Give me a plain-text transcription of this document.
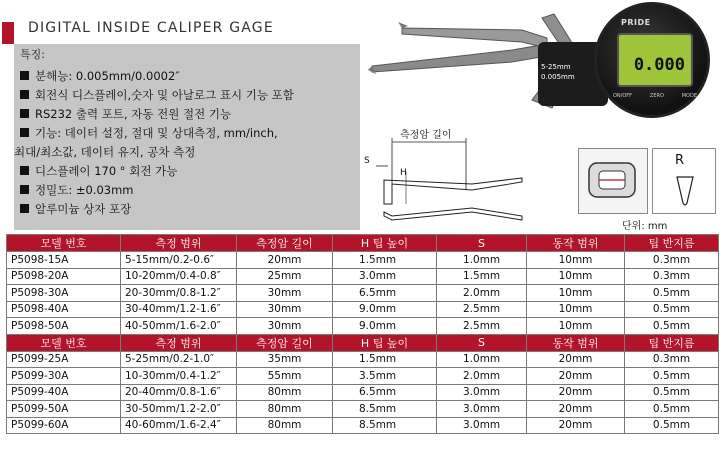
DIGITAL INSIDE CALIPER GAGE
특징:
분해능: 0.005mm/0.0002″
회전식 디스플레이,숫자 및 아날로그 표시 기능 포함
RS232 출력 포트, 자동 전원 절전 기능
기능: 데이터 설정, 절대 및 상대측정, mm/inch,
최대/최소값, 데이터 유지, 공차 측정
디스플레이 170 ° 회전 가능
정밀도: ±0.03mm
알루미늄 상자 포장
PRIDE
0.000
ON/OFF	ZERO	MODE
5-25mm
0.005mm
측정암 길이
S
H
R
단위: mm
모델 번호	측정 범위	측정암 길이	H 팁 높이	S	동작 범위	팁 반지름
P5098-15A	5-15mm/0.2-0.6″	20mm	1.5mm	1.0mm	10mm	0.3mm
P5098-20A	10-20mm/0.4-0.8″	25mm	3.0mm	1.5mm	10mm	0.3mm
P5098-30A	20-30mm/0.8-1.2″	30mm	6.5mm	2.0mm	10mm	0.5mm
P5098-40A	30-40mm/1.2-1.6″	30mm	9.0mm	2.5mm	10mm	0.5mm
P5098-50A	40-50mm/1.6-2.0″	30mm	9.0mm	2.5mm	10mm	0.5mm
모델 번호	측정 범위	측정암 길이	H 팁 높이	S	동작 범위	팁 반지름
P5099-25A	5-25mm/0.2-1.0″	35mm	1.5mm	1.0mm	20mm	0.3mm
P5099-30A	10-30mm/0.4-1.2″	55mm	3.5mm	2.0mm	20mm	0.5mm
P5099-40A	20-40mm/0.8-1.6″	80mm	6.5mm	3.0mm	20mm	0.5mm
P5099-50A	30-50mm/1.2-2.0″	80mm	8.5mm	3.0mm	20mm	0.5mm
P5099-60A	40-60mm/1.6-2.4″	80mm	8.5mm	3.0mm	20mm	0.5mm
